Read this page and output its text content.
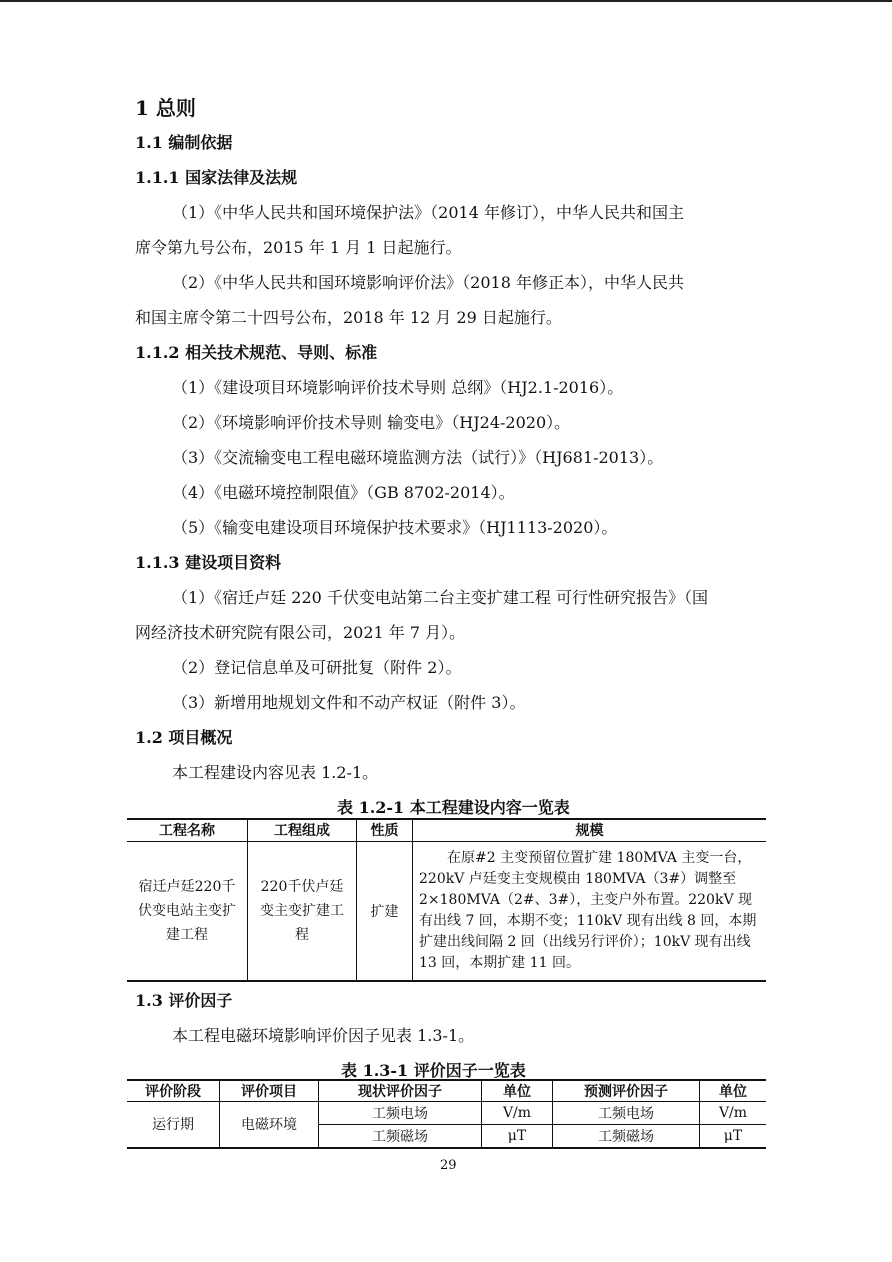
1 总则
1.1 编制依据
1.1.1 国家法律及法规
（1）《中华人民共和国环境保护法》（2014 年修订），中华人民共和国主
席令第九号公布，2015 年 1 月 1 日起施行。
（2）《中华人民共和国环境影响评价法》（2018 年修正本），中华人民共
和国主席令第二十四号公布，2018 年 12 月 29 日起施行。
1.1.2 相关技术规范、导则、标准
（1）《建设项目环境影响评价技术导则 总纲》（HJ2.1-2016）。
（2）《环境影响评价技术导则 输变电》（HJ24-2020）。
（3）《交流输变电工程电磁环境监测方法（试行）》（HJ681-2013）。
（4）《电磁环境控制限值》（GB 8702-2014）。
（5）《输变电建设项目环境保护技术要求》（HJ1113-2020）。
1.1.3 建设项目资料
（1）《宿迁卢廷 220 千伏变电站第二台主变扩建工程 可行性研究报告》（国
网经济技术研究院有限公司，2021 年 7 月）。
（2）登记信息单及可研批复（附件 2）。
（3）新增用地规划文件和不动产权证（附件 3）。
1.2 项目概况
本工程建设内容见表 1.2-1。
表 1.2-1 本工程建设内容一览表
工程名称	工程组成	性质	规模
宿迁卢廷220千伏变电站主变扩建工程	220千伏卢廷变主变扩建工程	扩建	在原#2 主变预留位置扩建 180MVA 主变一台，220kV 卢廷变主变规模由 180MVA（3#）调整至 2×180MVA（2#、3#），主变户外布置。220kV 现有出线 7 回，本期不变；110kV 现有出线 8 回，本期扩建出线间隔 2 回（出线另行评价）；10kV 现有出线 13 回，本期扩建 11 回。
1.3 评价因子
本工程电磁环境影响评价因子见表 1.3-1。
表 1.3-1 评价因子一览表
评价阶段	评价项目	现状评价因子	单位	预测评价因子	单位
运行期	电磁环境	工频电场	V/m	工频电场	V/m
		工频磁场	μT	工频磁场	μT
29
